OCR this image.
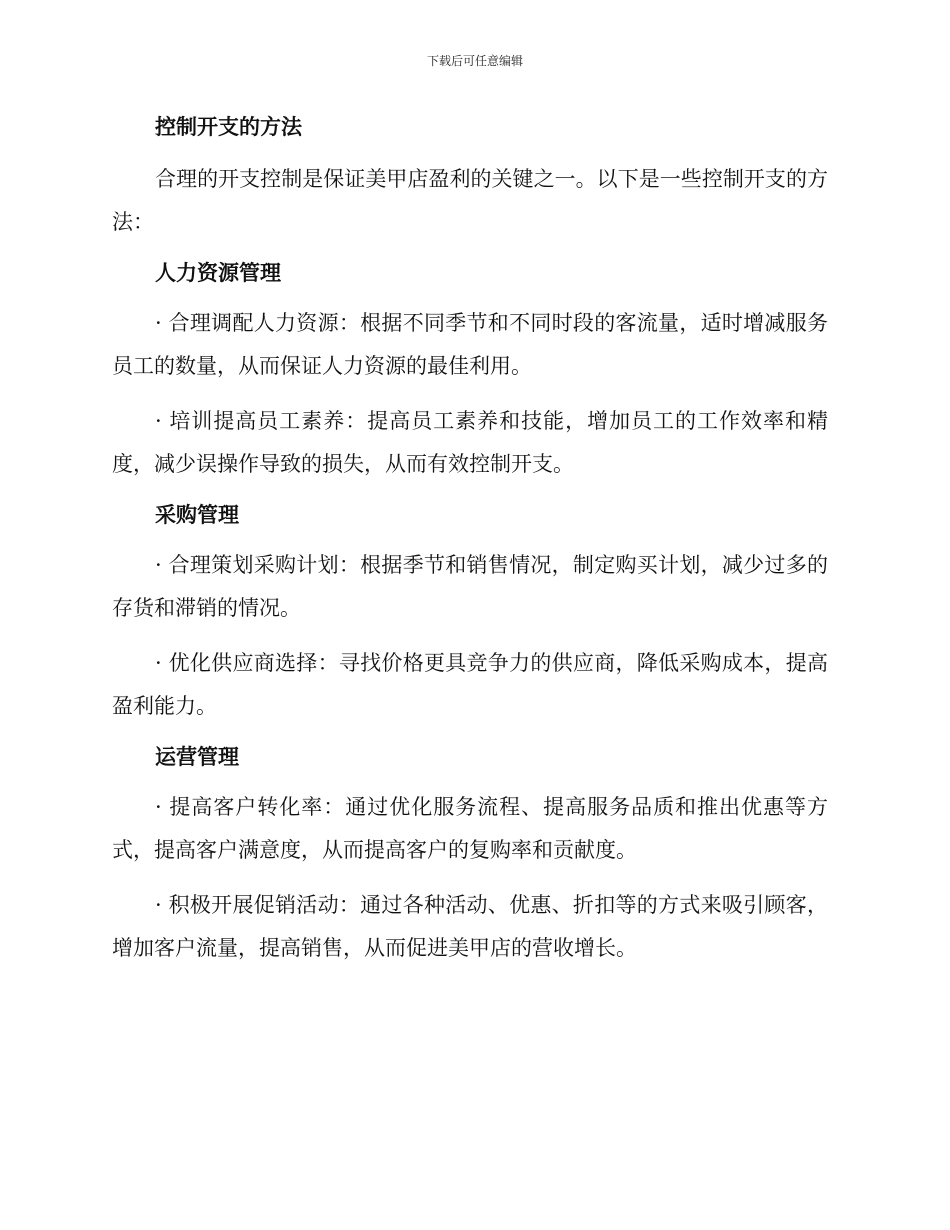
下载后可任意编辑
控制开支的方法

合理的开支控制是保证美甲店盈利的关键之一。以下是一些控制开支的方法：

人力资源管理

· 合理调配人力资源：根据不同季节和不同时段的客流量，适时增减服务员工的数量，从而保证人力资源的最佳利用。

· 培训提高员工素养：提高员工素养和技能，增加员工的工作效率和精度，减少误操作导致的损失，从而有效控制开支。

采购管理

· 合理策划采购计划：根据季节和销售情况，制定购买计划，减少过多的存货和滞销的情况。

· 优化供应商选择：寻找价格更具竞争力的供应商，降低采购成本，提高盈利能力。

运营管理

· 提高客户转化率：通过优化服务流程、提高服务品质和推出优惠等方式，提高客户满意度，从而提高客户的复购率和贡献度。

· 积极开展促销活动：通过各种活动、优惠、折扣等的方式来吸引顾客，增加客户流量，提高销售，从而促进美甲店的营收增长。
